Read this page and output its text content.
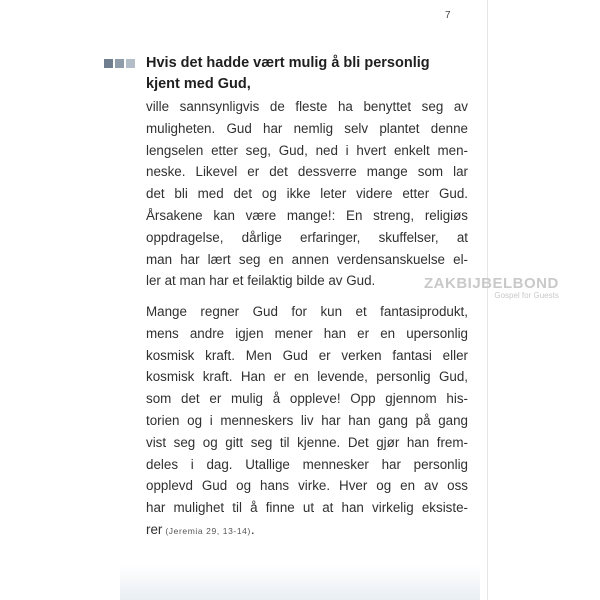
7
Hvis det hadde vært mulig å bli personlig
kjent med Gud,

ville sannsynligvis de fleste ha benyttet seg av
muligheten. Gud har nemlig selv plantet denne
lengselen etter seg, Gud, ned i hvert enkelt men-
neske. Likevel er det dessverre mange som lar
det bli med det og ikke leter videre etter Gud.
Årsakene kan være mange!: En streng, religiøs
oppdragelse, dårlige erfaringer, skuffelser, at
man har lært seg en annen verdensanskuelse el-
ler at man har et feilaktig bilde av Gud.

Mange regner Gud for kun et fantasiprodukt,
mens andre igjen mener han er en upersonlig
kosmisk kraft. Men Gud er verken fantasi eller
kosmisk kraft. Han er en levende, personlig Gud,
som det er mulig å oppleve! Opp gjennom his-
torien og i menneskers liv har han gang på gang
vist seg og gitt seg til kjenne. Det gjør han frem-
deles i dag. Utallige mennesker har personlig
opplevd Gud og hans virke. Hver og en av oss
har mulighet til å finne ut at han virkelig eksiste-
rer (Jeremia 29, 13-14).

ZAKBIJBELBOND
Gospel for Guests
